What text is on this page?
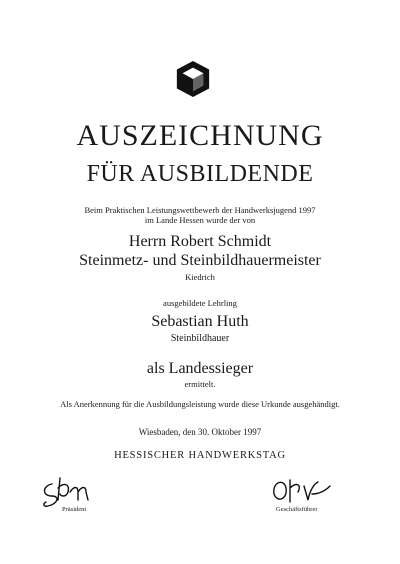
AUSZEICHNUNG
FÜR AUSBILDENDE
Beim Praktischen Leistungswettbewerb der Handwerksjugend 1997
im Lande Hessen wurde der von
Herrn Robert Schmidt
Steinmetz- und Steinbildhauermeister
Kiedrich
ausgebildete Lehrling
Sebastian Huth
Steinbildhauer
als Landessieger
ermittelt.
Als Anerkennung für die Ausbildungsleistung wurde diese Urkunde ausgehändigt.
Wiesbaden, den 30. Oktober 1997
HESSISCHER HANDWERKSTAG
Präsident	Geschäftsführer
